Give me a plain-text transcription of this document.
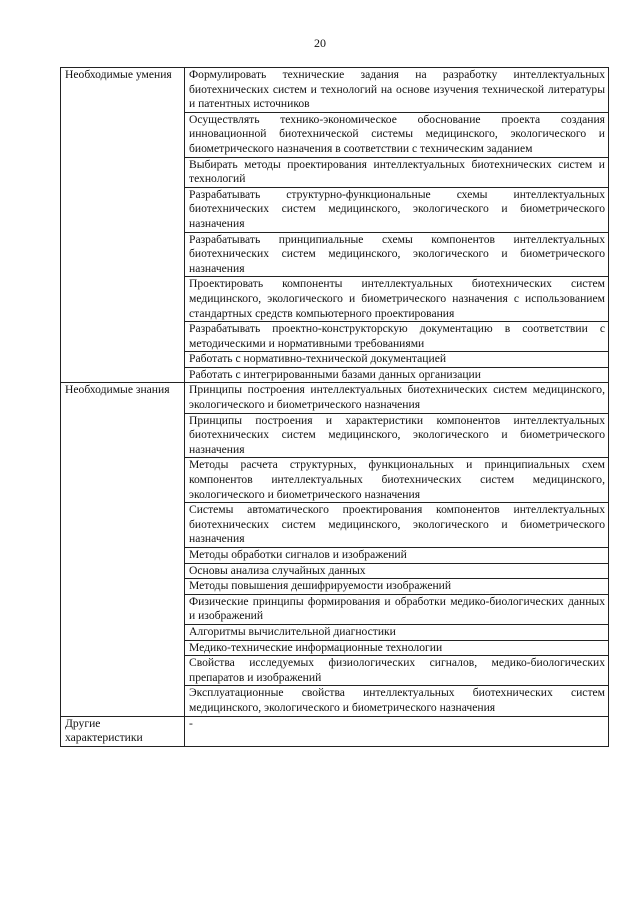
20
Необходимые умения	Формулировать технические задания на разработку интеллектуальных биотехнических систем и технологий на основе изучения технической литературы и патентных источников
	Осуществлять технико-экономическое обоснование проекта создания инновационной биотехнической системы медицинского, экологического и биометрического назначения в соответствии с техническим заданием
	Выбирать методы проектирования интеллектуальных биотехнических систем и технологий
	Разрабатывать структурно-функциональные схемы интеллектуальных биотехнических систем медицинского, экологического и биометрического назначения
	Разрабатывать принципиальные схемы компонентов интеллектуальных биотехнических систем медицинского, экологического и биометрического назначения
	Проектировать компоненты интеллектуальных биотехнических систем медицинского, экологического и биометрического назначения с использованием стандартных средств компьютерного проектирования
	Разрабатывать проектно-конструкторскую документацию в соответствии с методическими и нормативными требованиями
	Работать с нормативно-технической документацией
	Работать с интегрированными базами данных организации
Необходимые знания	Принципы построения интеллектуальных биотехнических систем медицинского, экологического и биометрического назначения
	Принципы построения и характеристики компонентов интеллектуальных биотехнических систем медицинского, экологического и биометрического назначения
	Методы расчета структурных, функциональных и принципиальных схем компонентов интеллектуальных биотехнических систем медицинского, экологического и биометрического назначения
	Системы автоматического проектирования компонентов интеллектуальных биотехнических систем медицинского, экологического и биометрического назначения
	Методы обработки сигналов и изображений
	Основы анализа случайных данных
	Методы повышения дешифрируемости изображений
	Физические принципы формирования и обработки медико-биологических данных и изображений
	Алгоритмы вычислительной диагностики
	Медико-технические информационные технологии
	Свойства исследуемых физиологических сигналов, медико-биологических препаратов и изображений
	Эксплуатационные свойства интеллектуальных биотехнических систем медицинского, экологического и биометрического назначения
Другие характеристики	-
